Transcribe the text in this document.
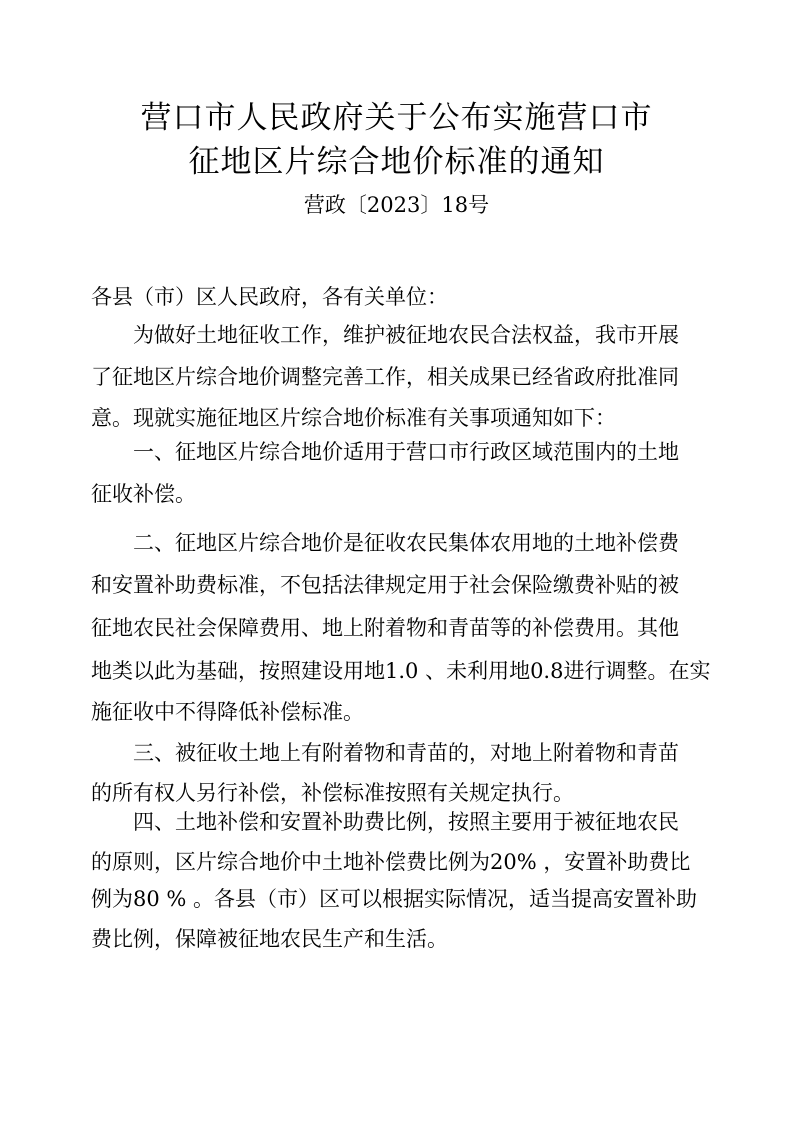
营口市人民政府关于公布实施营口市
征地区片综合地价标准的通知
营政〔2023〕18号
各县（市）区人民政府，各有关单位：
　　为做好土地征收工作，维护被征地农民合法权益，我市开展
了征地区片综合地价调整完善工作，相关成果已经省政府批准同
意。现就实施征地区片综合地价标准有关事项通知如下：
　　一、征地区片综合地价适用于营口市行政区域范围内的土地
征收补偿。
　　二、征地区片综合地价是征收农民集体农用地的土地补偿费
和安置补助费标准，不包括法律规定用于社会保险缴费补贴的被
征地农民社会保障费用、地上附着物和青苗等的补偿费用。其他
地类以此为基础，按照建设用地1.0 、未利用地0.8进行调整。在实
施征收中不得降低补偿标准。
　　三、被征收土地上有附着物和青苗的，对地上附着物和青苗
的所有权人另行补偿，补偿标准按照有关规定执行。
　　四、土地补偿和安置补助费比例，按照主要用于被征地农民
的原则，区片综合地价中土地补偿费比例为20% ，安置补助费比
例为80 % 。各县（市）区可以根据实际情况，适当提高安置补助
费比例，保障被征地农民生产和生活。
